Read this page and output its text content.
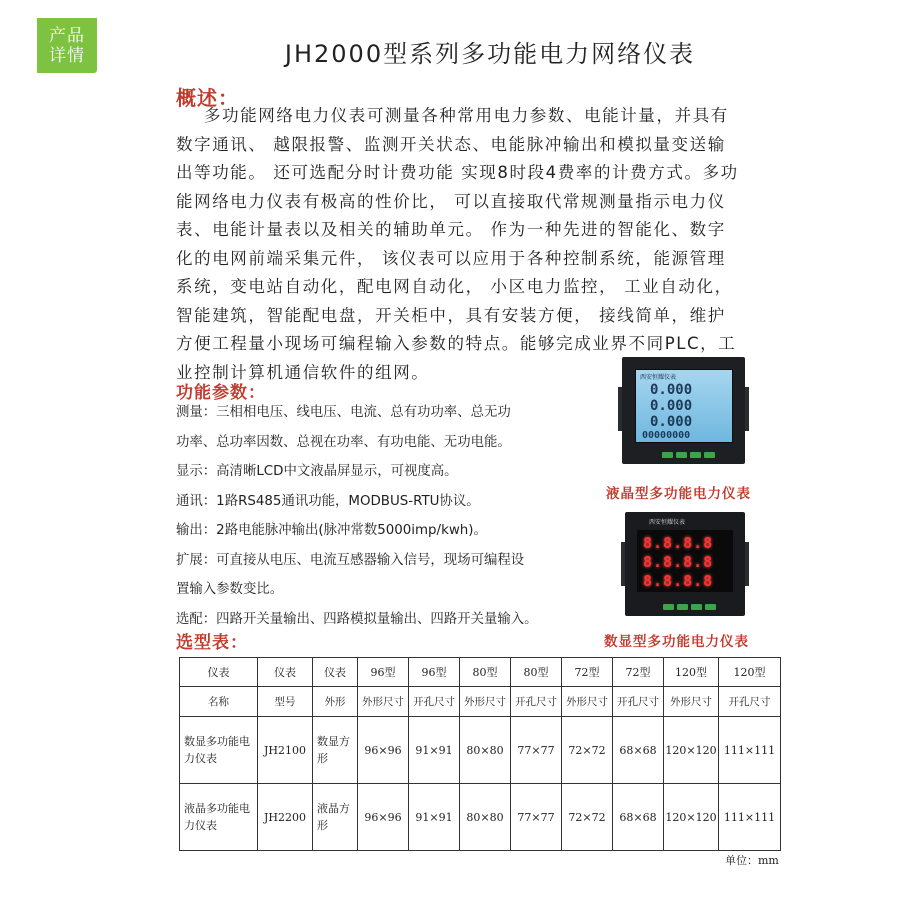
产品
详情	JH2000型系列多功能电力网络仪表
概述：

多功能网络电力仪表可测量各种常用电力参数、电能计量，并具有

数字通讯、 越限报警、监测开关状态、电能脉冲输出和模拟量变送输

出等功能。 还可选配分时计费功能 实现8时段4费率的计费方式。多功

能网络电力仪表有极高的性价比， 可以直接取代常规测量指示电力仪

表、电能计量表以及相关的辅助单元。 作为一种先进的智能化、数字

化的电网前端采集元件， 该仪表可以应用于各种控制系统，能源管理

系统，变电站自动化，配电网自动化， 小区电力监控， 工业自动化，

智能建筑，智能配电盘，开关柜中，具有安装方便， 接线简单，维护

方便工程量小现场可编程输入参数的特点。能够完成业界不同PLC，工

业控制计算机通信软件的组网。

功能参数：
测量：三相相电压、线电压、电流、总有功功率、总无功
功率、总功率因数、总视在功率、有功电能、无功电能。
显示：高清晰LCD中文液晶屏显示，可视度高。
通讯：1路RS485通讯功能，MODBUS-RTU协议。
输出：2路电能脉冲输出(脉冲常数5000imp/kwh)。
扩展：可直接从电压、电流互感器输入信号，现场可编程设
置输入参数变比。
选配：四路开关量输出、四路模拟量输出、四路开关量输入。
西安恒耀仪表
0.000
0.000
0.000
00000000
液晶型多功能电力仪表
西安恒耀仪表
8.8.8.8
8.8.8.8
8.8.8.8
数显型多功能电力仪表
选型表：
仪表	仪表	仪表	96型	96型	80型	80型	72型	72型	120型	120型
名称	型号	外形	外形尺寸	开孔尺寸	外形尺寸	开孔尺寸	外形尺寸	开孔尺寸	外形尺寸	开孔尺寸
数显多功能电力仪表	JH2100	数显方形	96×96	91×91	80×80	77×77	72×72	68×68	120×120	111×111
液晶多功能电力仪表	JH2200	液晶方形	96×96	91×91	80×80	77×77	72×72	68×68	120×120	111×111
单位：mm
